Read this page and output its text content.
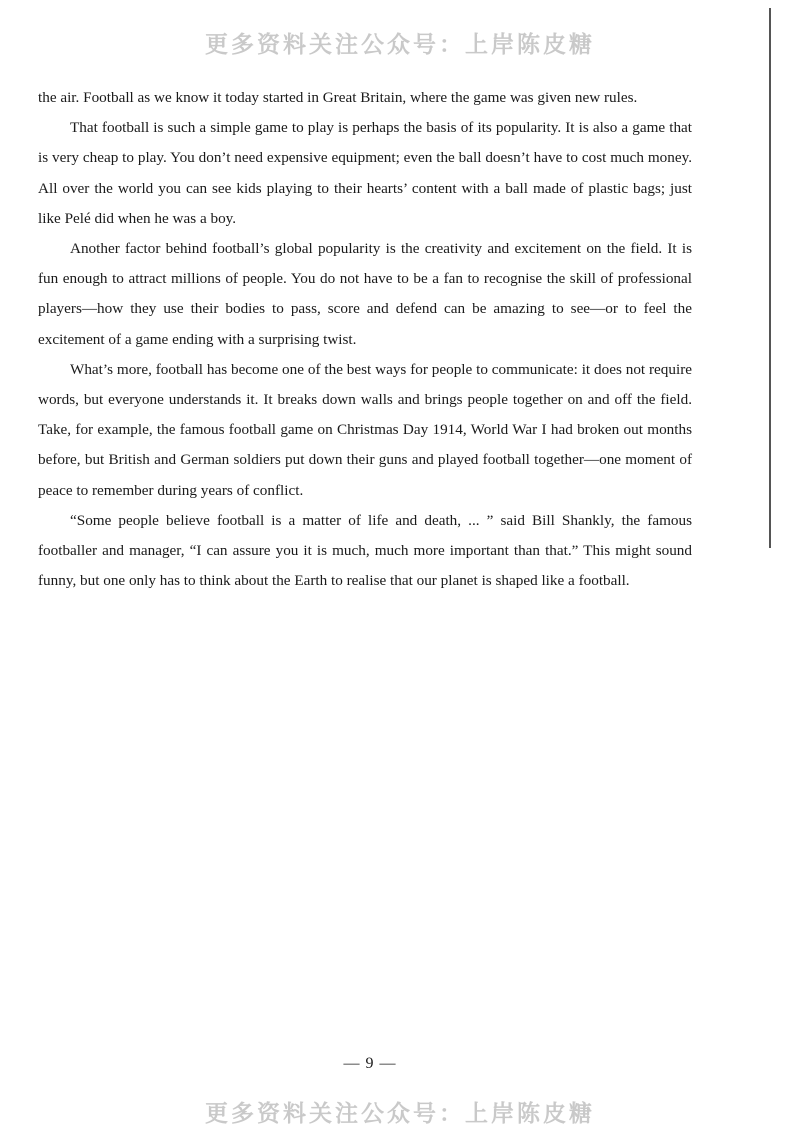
更多资料关注公众号：上岸陈皮糖

the air. Football as we know it today started in Great Britain, where the game was given new rules.

That football is such a simple game to play is perhaps the basis of its popularity. It is also a game that is very cheap to play. You don’t need expensive equipment; even the ball doesn’t have to cost much money. All over the world you can see kids playing to their hearts’ content with a ball made of plastic bags; just like Pelé did when he was a boy.

Another factor behind football’s global popularity is the creativity and excitement on the field. It is fun enough to attract millions of people. You do not have to be a fan to recognise the skill of professional players—how they use their bodies to pass, score and defend can be amazing to see—or to feel the excitement of a game ending with a surprising twist.

What’s more, football has become one of the best ways for people to communicate: it does not require words, but everyone understands it. It breaks down walls and brings people together on and off the field. Take, for example, the famous football game on Christmas Day 1914, World War I had broken out months before, but British and German soldiers put down their guns and played football together—one moment of peace to remember during years of conflict.

“Some people believe football is a matter of life and death, ... ” said Bill Shankly, the famous footballer and manager, “I can assure you it is much, much more important than that.” This might sound funny, but one only has to think about the Earth to realise that our planet is shaped like a football.

— 9 —
更多资料关注公众号：上岸陈皮糖
